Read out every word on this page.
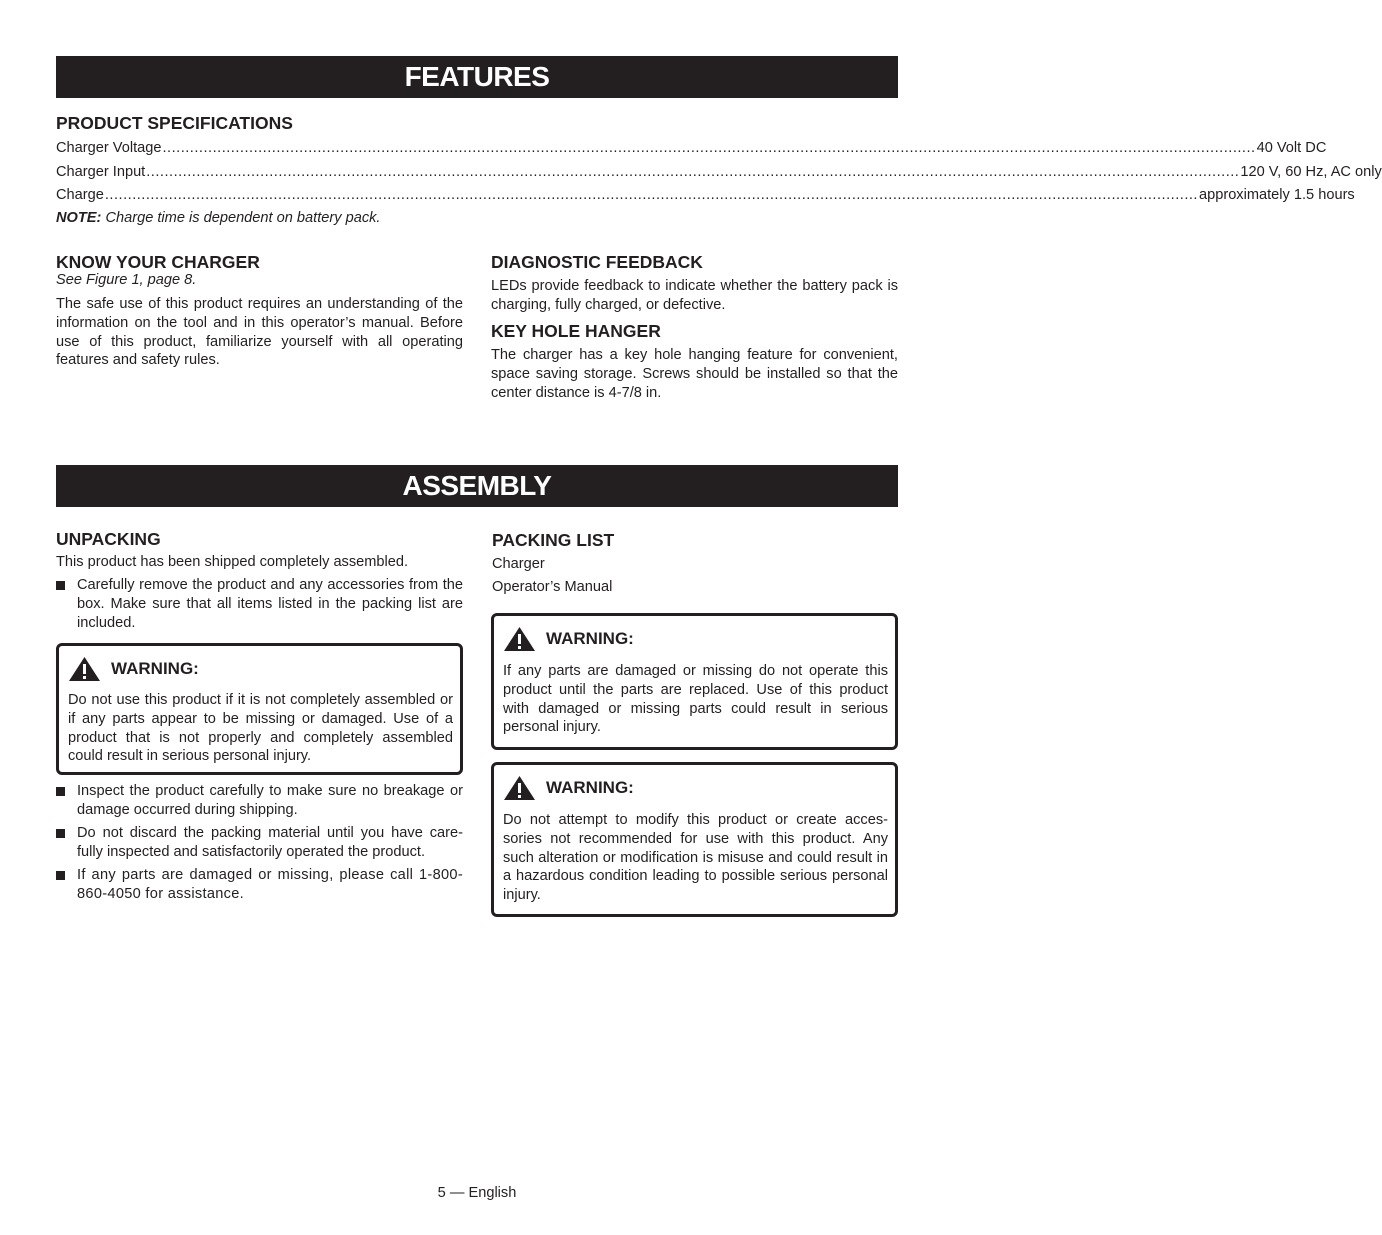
FEATURES
PRODUCT SPECIFICATIONS
Charger Voltage ................................................................................................................................................................................................................................................ 40 Volt DC
Charger Input ................................................................................................................................................................................................................................................ 120 V, 60 Hz, AC only
Charge ................................................................................................................................................................................................................................................ approximately 1.5 hours
NOTE: Charge time is dependent on battery pack.
KNOW YOUR CHARGER
See Figure 1, page 8.
The safe use of this product requires an understanding of the information on the tool and in this operator’s manual. Before use of this product, familiarize yourself with all operating features and safety rules.
DIAGNOSTIC FEEDBACK
LEDs provide feedback to indicate whether the battery pack is charging, fully charged, or defective.
KEY HOLE HANGER
The charger has a key hole hanging feature for convenient, space saving storage. Screws should be installed so that the center distance is 4-7/8 in.
ASSEMBLY
UNPACKING
This product has been shipped completely assembled.
Carefully remove the product and any accessories from the box. Make sure that all items listed in the packing list are included.
WARNING:
Do not use this product if it is not completely assembled or if any parts appear to be missing or damaged. Use of a product that is not properly and completely assembled could result in serious personal injury.
Inspect the product carefully to make sure no breakage or damage occurred during shipping.
Do not discard the packing material until you have care-fully inspected and satisfactorily operated the product.
If any parts are damaged or missing, please call 1-800-860-4050 for assistance.
PACKING LIST
Charger
Operator’s Manual
WARNING:
If any parts are damaged or missing do not operate this product until the parts are replaced. Use of this product with damaged or missing parts could result in serious personal injury.
WARNING:
Do not attempt to modify this product or create acces-sories not recommended for use with this product. Any such alteration or modification is misuse and could result in a hazardous condition leading to possible serious personal injury.
5 — English
